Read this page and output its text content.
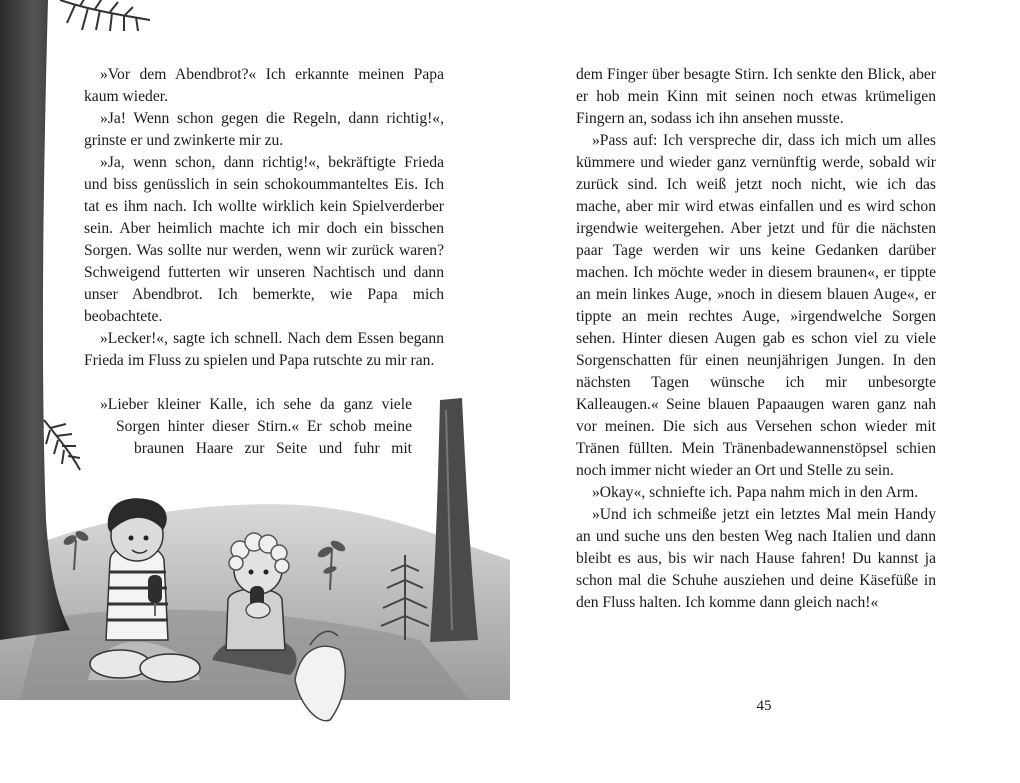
»Vor dem Abendbrot?« Ich erkannte meinen Papa kaum wieder.

»Ja! Wenn schon gegen die Regeln, dann richtig!«, grinste er und zwinkerte mir zu.

»Ja, wenn schon, dann richtig!«, bekräftigte Frieda und biss genüsslich in sein schokoummanteltes Eis. Ich tat es ihm nach. Ich wollte wirklich kein Spielverderber sein. Aber heimlich machte ich mir doch ein bisschen Sorgen. Was sollte nur werden, wenn wir zurück waren? Schweigend futterten wir unseren Nachtisch und dann unser Abendbrot. Ich bemerkte, wie Papa mich beobachtete.

»Lecker!«, sagte ich schnell. Nach dem Essen begann Frieda im Fluss zu spielen und Papa rutschte zu mir ran.

»Lieber kleiner Kalle, ich sehe da ganz viele
Sorgen hinter dieser Stirn.« Er schob meine
braunen Haare zur Seite und fuhr mit

dem Finger über besagte Stirn. Ich senkte den Blick, aber er hob mein Kinn mit seinen noch etwas krümeligen Fingern an, sodass ich ihn ansehen musste.

»Pass auf: Ich verspreche dir, dass ich mich um alles kümmere und wieder ganz vernünftig werde, sobald wir zurück sind. Ich weiß jetzt noch nicht, wie ich das mache, aber mir wird etwas einfallen und es wird schon irgendwie weitergehen. Aber jetzt und für die nächsten paar Tage werden wir uns keine Gedanken darüber machen. Ich möchte weder in diesem braunen«, er tippte an mein linkes Auge, »noch in diesem blauen Auge«, er tippte an mein rechtes Auge, »irgendwelche Sorgen sehen. Hinter diesen Augen gab es schon viel zu viele Sorgenschatten für einen neunjährigen Jungen. In den nächsten Tagen wünsche ich mir unbesorgte Kalleaugen.« Seine blauen Papaaugen waren ganz nah vor meinen. Die sich aus Versehen schon wieder mit Tränen füllten. Mein Tränenbadewannenstöpsel schien noch immer nicht wieder an Ort und Stelle zu sein.

»Okay«, schniefte ich. Papa nahm mich in den Arm.

»Und ich schmeiße jetzt ein letztes Mal mein Handy an und suche uns den besten Weg nach Italien und dann bleibt es aus, bis wir nach Hause fahren! Du kannst ja schon mal die Schuhe ausziehen und deine Käsefüße in den Fluss halten. Ich komme dann gleich nach!«

45
